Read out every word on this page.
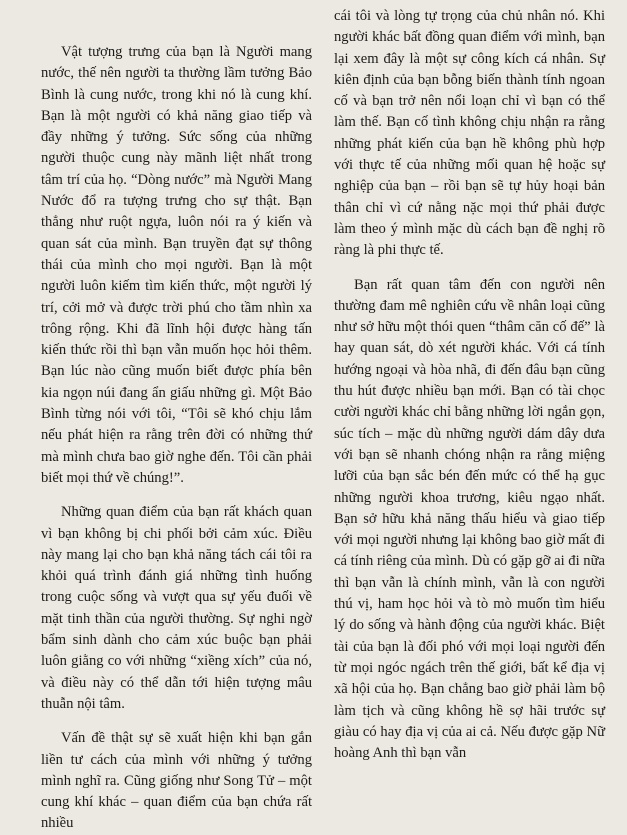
Vật tượng trưng của bạn là Người mang nước, thế nên người ta thường lầm tưởng Bảo Bình là cung nước, trong khi nó là cung khí. Bạn là một người có khả năng giao tiếp và đầy những ý tưởng. Sức sống của những người thuộc cung này mãnh liệt nhất trong tâm trí của họ. “Dòng nước” mà Người Mang Nước đổ ra tượng trưng cho sự thật. Bạn thẳng như ruột ngựa, luôn nói ra ý kiến và quan sát của mình. Bạn truyền đạt sự thông thái của mình cho mọi người. Bạn là một người luôn kiếm tìm kiến thức, một người lý trí, cởi mở và được trời phú cho tầm nhìn xa trông rộng. Khi đã lĩnh hội được hàng tấn kiến thức rồi thì bạn vẫn muốn học hỏi thêm. Bạn lúc nào cũng muốn biết được phía bên kia ngọn núi đang ẩn giấu những gì. Một Bảo Bình từng nói với tôi, “Tôi sẽ khó chịu lắm nếu phát hiện ra rằng trên đời có những thứ mà mình chưa bao giờ nghe đến. Tôi cần phải biết mọi thứ về chúng!”.

Những quan điểm của bạn rất khách quan vì bạn không bị chi phối bởi cảm xúc. Điều này mang lại cho bạn khả năng tách cái tôi ra khỏi quá trình đánh giá những tình huống trong cuộc sống và vượt qua sự yếu đuối về mặt tinh thần của người thường. Sự nghi ngờ bẩm sinh dành cho cảm xúc buộc bạn phải luôn giằng co với những “xiềng xích” của nó, và điều này có thể dẫn tới hiện tượng mâu thuẫn nội tâm.

Vấn đề thật sự sẽ xuất hiện khi bạn gắn liền tư cách của mình với những ý tưởng mình nghĩ ra. Cũng giống như Song Tử – một cung khí khác – quan điểm của bạn chứa rất nhiều

cái tôi và lòng tự trọng của chủ nhân nó. Khi người khác bất đồng quan điểm với mình, bạn lại xem đây là một sự công kích cá nhân. Sự kiên định của bạn bỗng biến thành tính ngoan cố và bạn trở nên nổi loạn chỉ vì bạn có thể làm thế. Bạn cố tình không chịu nhận ra rằng những phát kiến của bạn hề không phù hợp với thực tế của những mối quan hệ hoặc sự nghiệp của bạn – rồi bạn sẽ tự hủy hoại bản thân chỉ vì cứ nằng nặc mọi thứ phải được làm theo ý mình mặc dù cách bạn đề nghị rõ ràng là phi thực tế.

Bạn rất quan tâm đến con người nên thường đam mê nghiên cứu về nhân loại cũng như sở hữu một thói quen “thâm căn cố đế” là hay quan sát, dò xét người khác. Với cá tính hướng ngoại và hòa nhã, đi đến đâu bạn cũng thu hút được nhiều bạn mới. Bạn có tài chọc cười người khác chỉ bằng những lời ngắn gọn, súc tích – mặc dù những người dám dây dưa với bạn sẽ nhanh chóng nhận ra rằng miệng lưỡi của bạn sắc bén đến mức có thể hạ gục những người khoa trương, kiêu ngạo nhất. Bạn sở hữu khả năng thấu hiểu và giao tiếp với mọi người nhưng lại không bao giờ mất đi cá tính riêng của mình. Dù có gặp gỡ ai đi nữa thì bạn vẫn là chính mình, vẫn là con người thú vị, ham học hỏi và tò mò muốn tìm hiểu lý do sống và hành động của người khác. Biệt tài của bạn là đối phó với mọi loại người đến từ mọi ngóc ngách trên thế giới, bất kể địa vị xã hội của họ. Bạn chẳng bao giờ phải làm bộ làm tịch và cũng không hề sợ hãi trước sự giàu có hay địa vị của ai cả. Nếu được gặp Nữ hoàng Anh thì bạn vẫn
